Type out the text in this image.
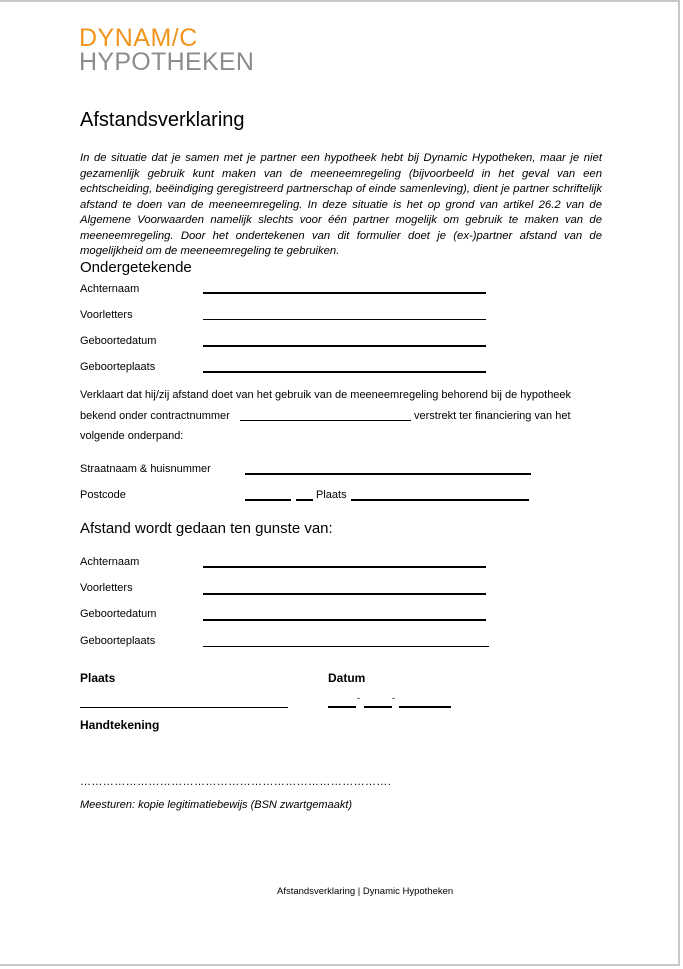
DYNAM/C
HYPOTHEKEN
Afstandsverklaring
In de situatie dat je samen met je partner een hypotheek hebt bij Dynamic Hypotheken, maar je niet gezamenlijk gebruik kunt maken van de meeneemregeling (bijvoorbeeld in het geval van een echtscheiding, beëindiging geregistreerd partnerschap of einde samenleving), dient je partner schriftelijk afstand te doen van de meeneemregeling. In deze situatie is het op grond van artikel 26.2 van de Algemene Voorwaarden namelijk slechts voor één partner mogelijk om gebruik te maken van de meeneemregeling. Door het ondertekenen van dit formulier doet je (ex-)partner afstand van de mogelijkheid om de meeneemregeling te gebruiken.
Ondergetekende
Achternaam
Voorletters
Geboortedatum
Geboorteplaats
Verklaart dat hij/zij afstand doet van het gebruik van de meeneemregeling behorend bij de hypotheek
bekend onder contractnummer	verstrekt ter financiering van het
volgende onderpand:
Straatnaam & huisnummer
Postcode	Plaats
Afstand wordt gedaan ten gunste van:
Achternaam
Voorletters
Geboortedatum
Geboorteplaats
Plaats	Datum
-	-
Handtekening
……………………………………………………………………….
Meesturen: kopie legitimatiebewijs (BSN zwartgemaakt)
Afstandsverklaring | Dynamic Hypotheken
